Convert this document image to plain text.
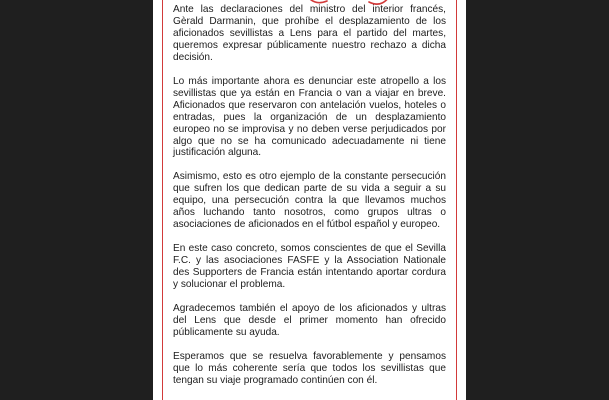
Ante las declaraciones del ministro del interior francés, Gèrald Darmanin, que prohíbe el desplazamiento de los aficionados sevillistas a Lens para el partido del martes, queremos expresar públicamente nuestro rechazo a dicha decisión.

Lo más importante ahora es denunciar este atropello a los sevillistas que ya están en Francia o van a viajar en breve. Aficionados que reservaron con antelación vuelos, hoteles o entradas, pues la organización de un desplazamiento europeo no se improvisa y no deben verse perjudicados por algo que no se ha comunicado adecuadamente ni tiene justificación alguna.

Asimismo, esto es otro ejemplo de la constante persecución que sufren los que dedican parte de su vida a seguir a su equipo, una persecución contra la que llevamos muchos años luchando tanto nosotros, como grupos ultras o asociaciones de aficionados en el fútbol español y europeo.

En este caso concreto, somos conscientes de que el Sevilla F.C. y las asociaciones FASFE y la Association Nationale des Supporters de Francia están intentando aportar cordura y solucionar el problema.

Agradecemos también el apoyo de los aficionados y ultras del Lens que desde el primer momento han ofrecido públicamente su ayuda.

Esperamos que se resuelva favorablemente y pensamos que lo más coherente sería que todos los sevillistas que tengan su viaje programado continúen con él.
